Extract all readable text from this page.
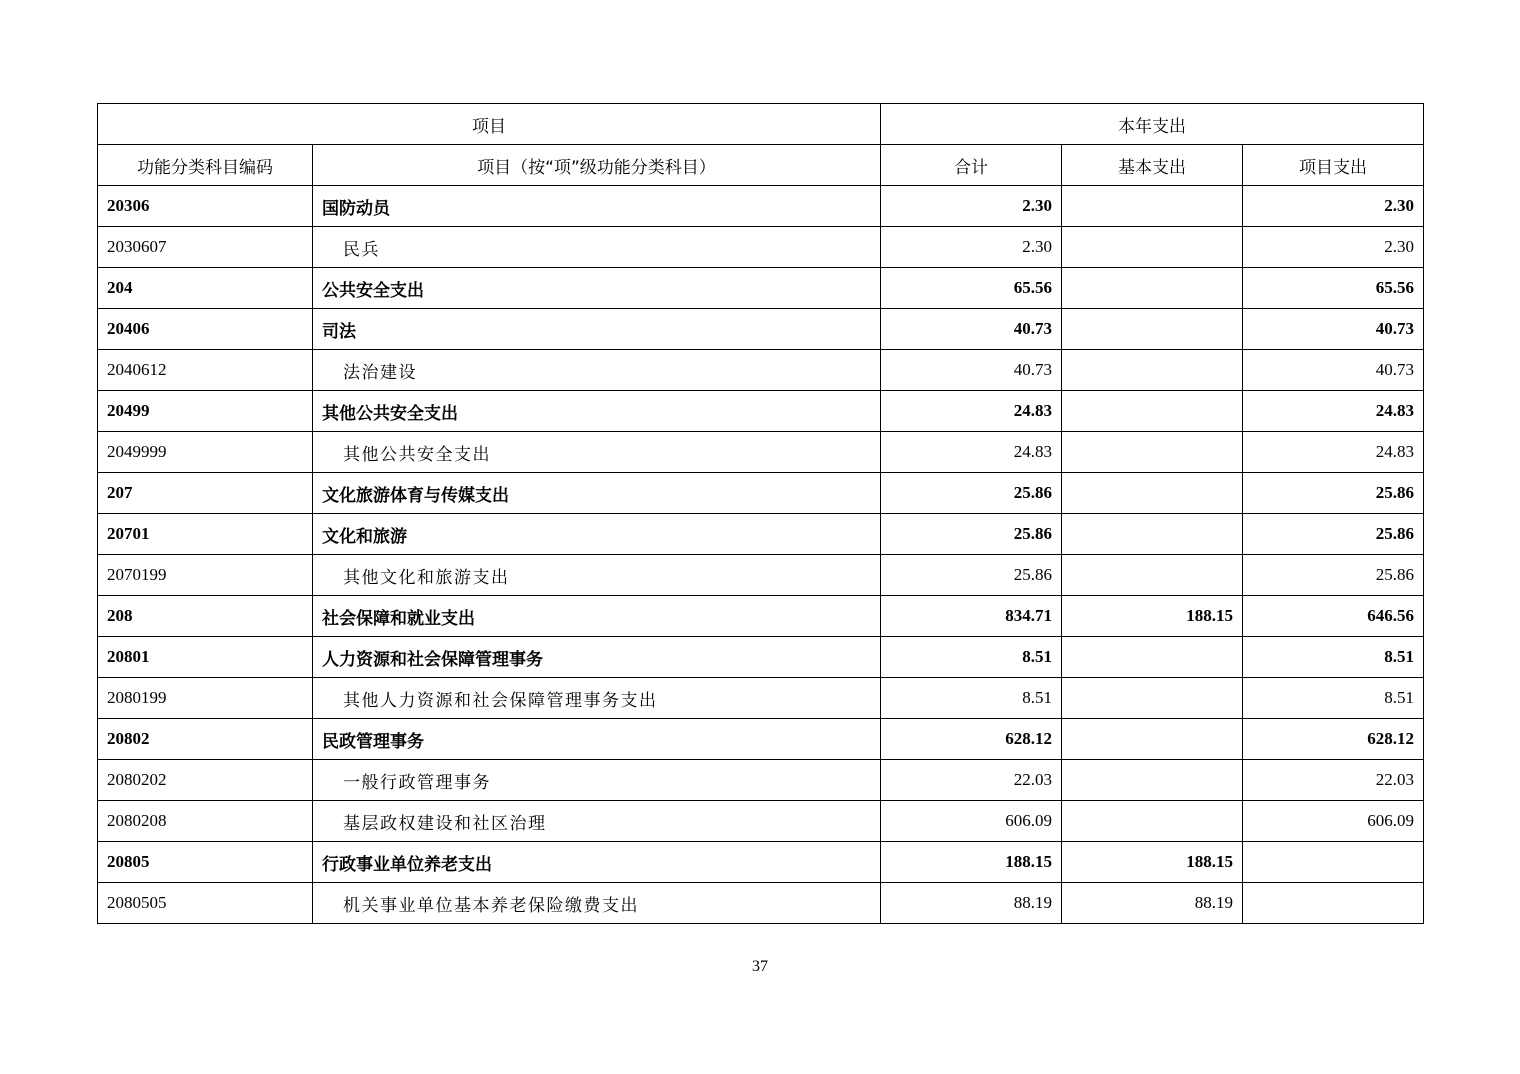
项目		本年支出		
功能分类科目编码	项目（按“项”级功能分类科目）	合计	基本支出	项目支出
20306	国防动员	2.30		2.30
2030607	民兵	2.30		2.30
204	公共安全支出	65.56		65.56
20406	司法	40.73		40.73
2040612	法治建设	40.73		40.73
20499	其他公共安全支出	24.83		24.83
2049999	其他公共安全支出	24.83		24.83
207	文化旅游体育与传媒支出	25.86		25.86
20701	文化和旅游	25.86		25.86
2070199	其他文化和旅游支出	25.86		25.86
208	社会保障和就业支出	834.71	188.15	646.56
20801	人力资源和社会保障管理事务	8.51		8.51
2080199	其他人力资源和社会保障管理事务支出	8.51		8.51
20802	民政管理事务	628.12		628.12
2080202	一般行政管理事务	22.03		22.03
2080208	基层政权建设和社区治理	606.09		606.09
20805	行政事业单位养老支出	188.15	188.15	
2080505	机关事业单位基本养老保险缴费支出	88.19	88.19	
37
